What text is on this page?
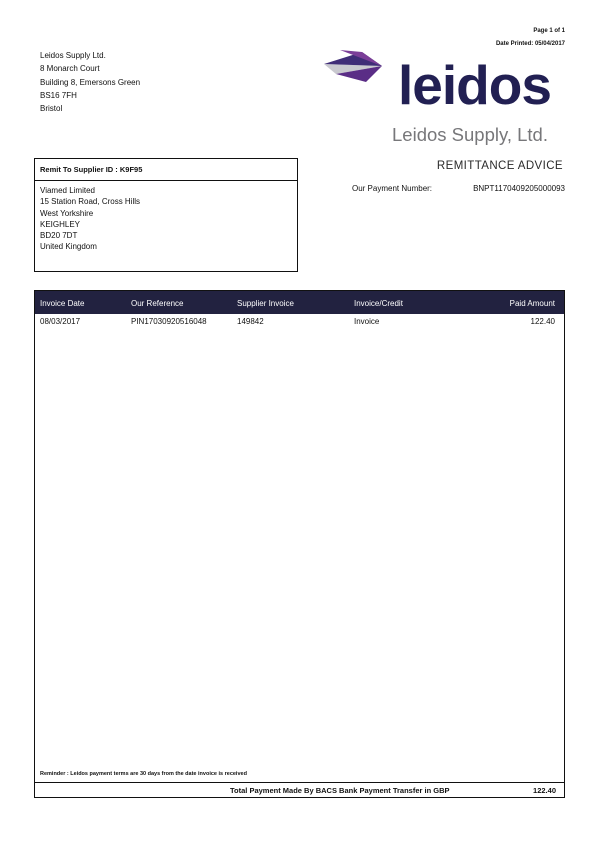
Page 1 of 1
Date Printed: 05/04/2017
Leidos Supply Ltd.
8 Monarch Court
Building 8, Emersons Green
BS16 7FH
Bristol	leidos
Leidos Supply, Ltd.
REMITTANCE ADVICE
Our Payment Number:	BNPT1170409205000093
Remit To Supplier ID : K9F95
Viamed Limited
15 Station Road, Cross Hills
West Yorkshire
KEIGHLEY
BD20 7DT
United Kingdom
Invoice Date	Our Reference	Supplier Invoice	Invoice/Credit	Paid Amount
08/03/2017	PIN17030920516048	149842	Invoice	122.40
Reminder : Leidos payment terms are 30 days from the date invoice is received
Total Payment Made By BACS Bank Payment Transfer in GBP	122.40
